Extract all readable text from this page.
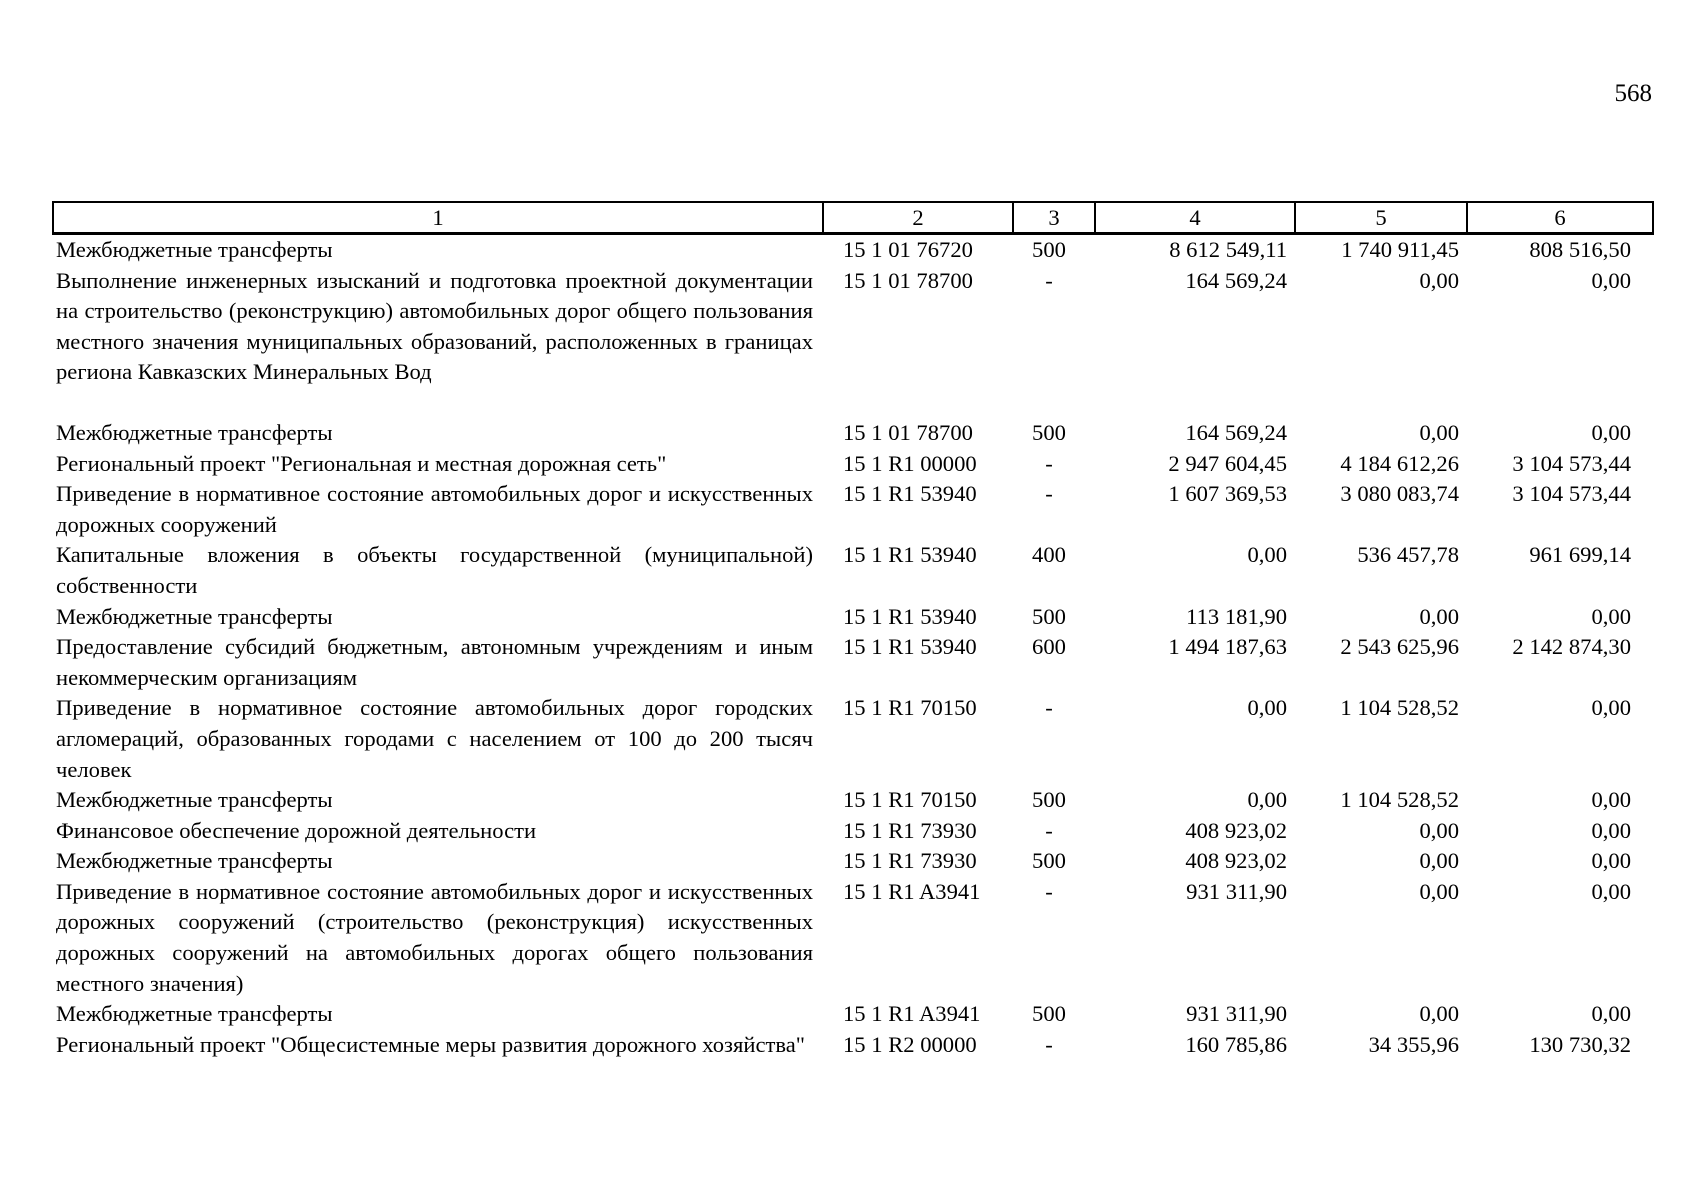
568
1	2	3	4	5	6
Межбюджетные трансферты	15 1 01 76720	500	8 612 549,11	1 740 911,45	808 516,50
Выполнение инженерных изысканий и подготовка проектной документации на строительство (реконструкцию) автомобильных дорог общего пользования местного значения муниципальных образований, расположенных в границах региона Кавказских Минеральных Вод	15 1 01 78700	-	164 569,24	0,00	0,00
Межбюджетные трансферты	15 1 01 78700	500	164 569,24	0,00	0,00
Региональный проект "Региональная и местная дорожная сеть"	15 1 R1 00000	-	2 947 604,45	4 184 612,26	3 104 573,44
Приведение в нормативное состояние автомобильных дорог и искусственных дорожных сооружений	15 1 R1 53940	-	1 607 369,53	3 080 083,74	3 104 573,44
Капитальные вложения в объекты государственной (муниципальной) собственности	15 1 R1 53940	400	0,00	536 457,78	961 699,14
Межбюджетные трансферты	15 1 R1 53940	500	113 181,90	0,00	0,00
Предоставление субсидий бюджетным, автономным учреждениям и иным некоммерческим организациям	15 1 R1 53940	600	1 494 187,63	2 543 625,96	2 142 874,30
Приведение в нормативное состояние автомобильных дорог городских агломераций, образованных городами с населением от 100 до 200 тысяч человек	15 1 R1 70150	-	0,00	1 104 528,52	0,00
Межбюджетные трансферты	15 1 R1 70150	500	0,00	1 104 528,52	0,00
Финансовое обеспечение дорожной деятельности	15 1 R1 73930	-	408 923,02	0,00	0,00
Межбюджетные трансферты	15 1 R1 73930	500	408 923,02	0,00	0,00
Приведение в нормативное состояние автомобильных дорог и искусственных дорожных сооружений (строительство (реконструкция) искусственных дорожных сооружений на автомобильных дорогах общего пользования местного значения)	15 1 R1 A3941	-	931 311,90	0,00	0,00
Межбюджетные трансферты	15 1 R1 A3941	500	931 311,90	0,00	0,00
Региональный проект "Общесистемные меры развития дорожного хозяйства"	15 1 R2 00000	-	160 785,86	34 355,96	130 730,32
